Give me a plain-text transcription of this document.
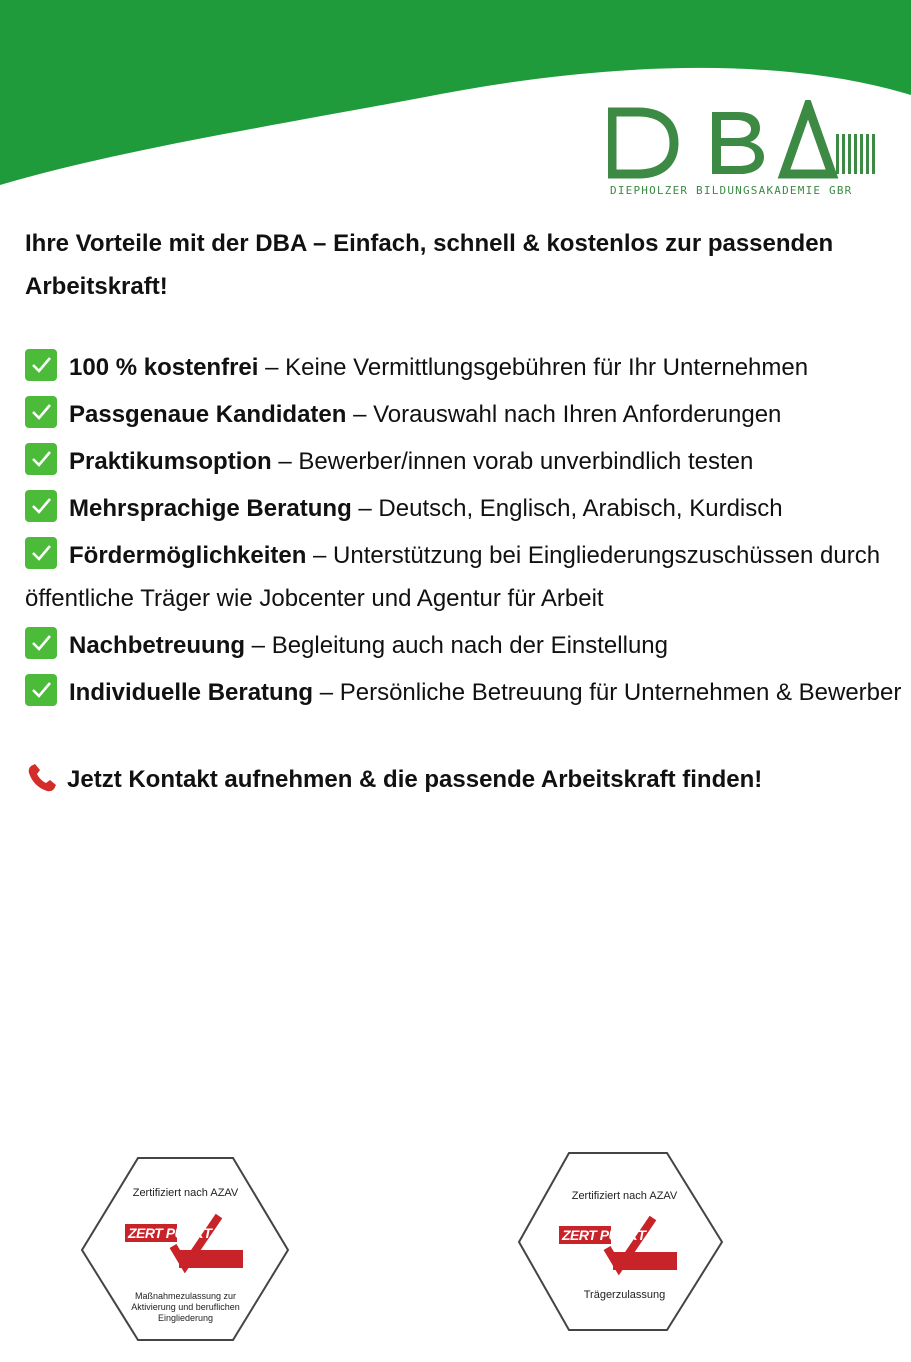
DIEPHOLZER BILDUNGSAKADEMIE GBR
Ihre Vorteile mit der DBA – Einfach, schnell & kostenlos zur passenden Arbeitskraft!
100 % kostenfrei – Keine Vermittlungsgebühren für Ihr Unternehmen
Passgenaue Kandidaten – Vorauswahl nach Ihren Anforderungen
Praktikumsoption – Bewerber/innen vorab unverbindlich testen
Mehrsprachige Beratung – Deutsch, Englisch, Arabisch, Kurdisch
Fördermöglichkeiten – Unterstützung bei Eingliederungszuschüssen durch öffentliche Träger wie Jobcenter und Agentur für Arbeit
Nachbetreuung – Begleitung auch nach der Einstellung
Individuelle Beratung – Persönliche Betreuung für Unternehmen & Bewerber
Jetzt Kontakt aufnehmen & die passende Arbeitskraft finden!
Zertifiziert nach AZAV
ZERT PUNKT
Maßnahmezulassung zur Aktivierung und beruflichen Eingliederung
Zertifiziert nach AZAV
ZERT PUNKT
Trägerzulassung
